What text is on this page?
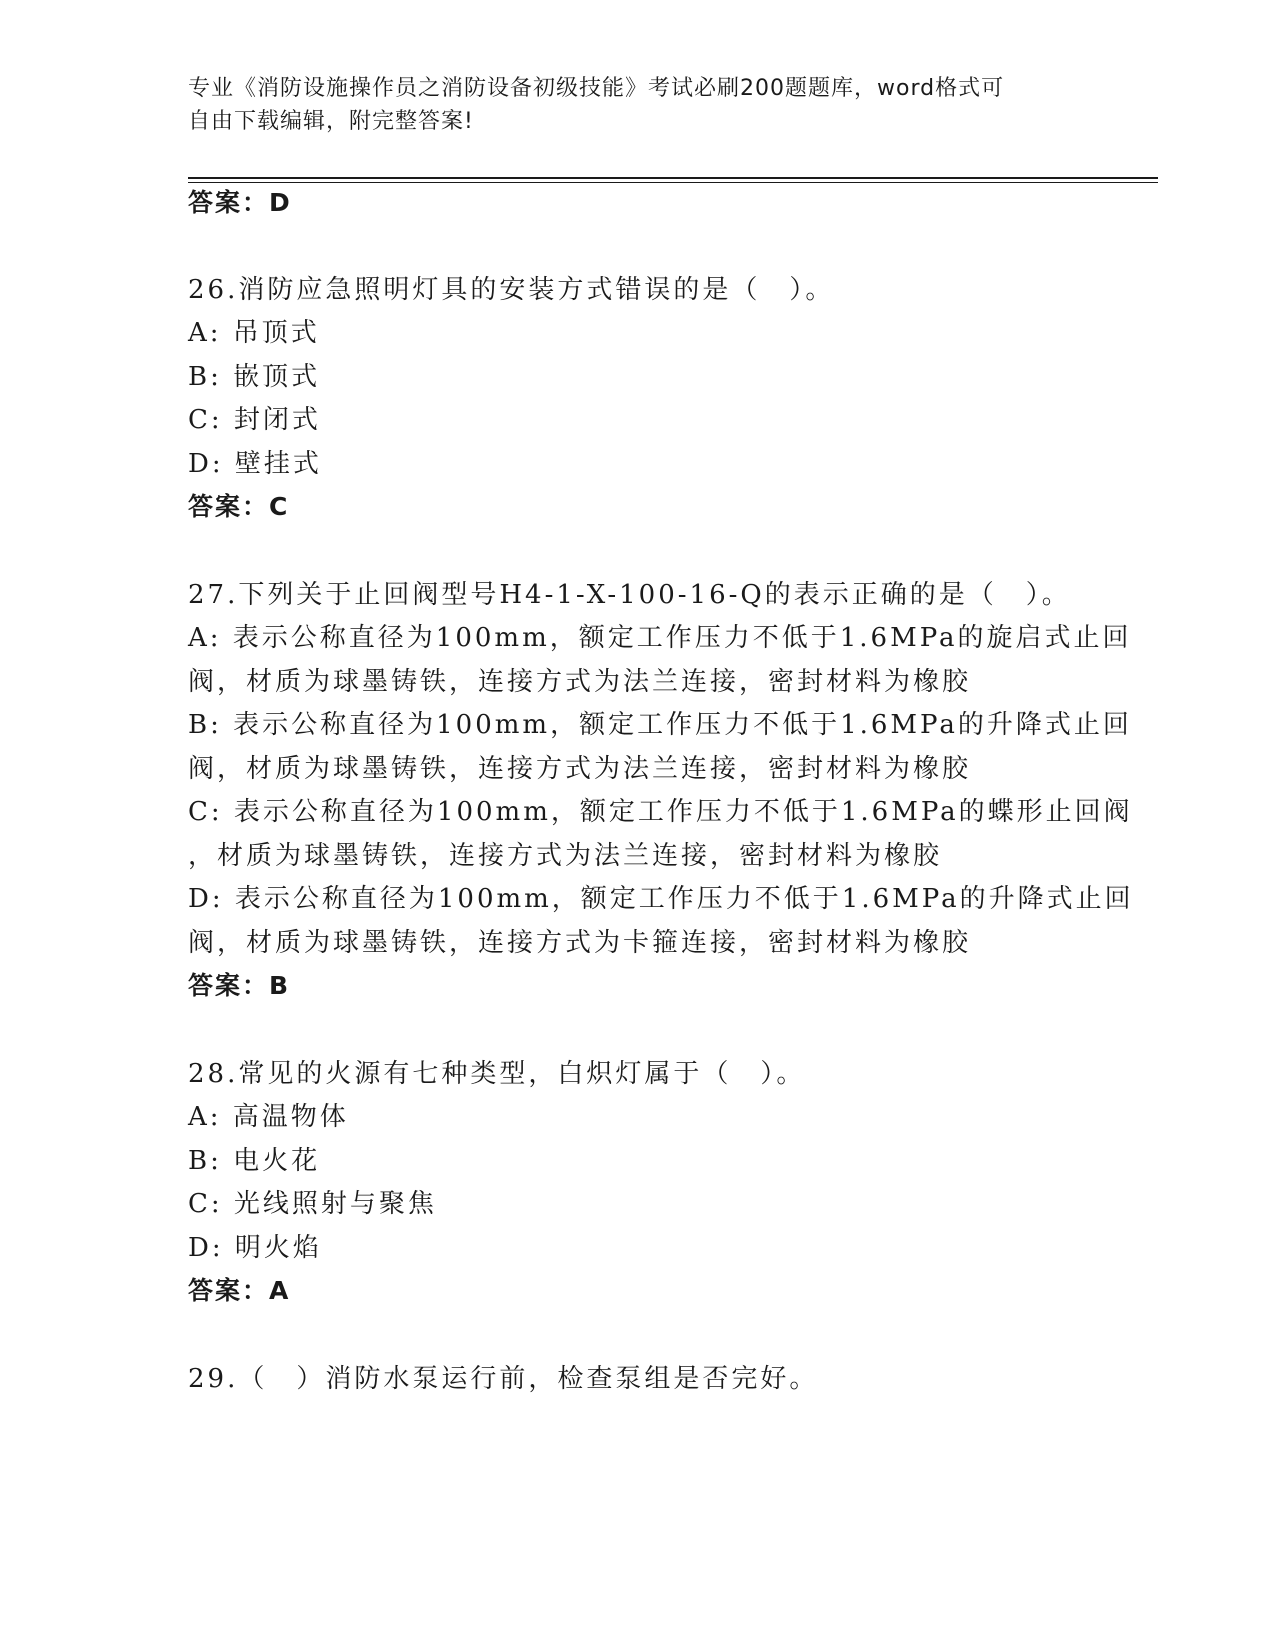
专业《消防设施操作员之消防设备初级技能》考试必刷200题题库，word格式可
自由下载编辑，附完整答案!
答案：D
26.消防应急照明灯具的安装方式错误的是（　）。
A: 吊顶式
B: 嵌顶式
C: 封闭式
D: 壁挂式
答案：C
27.下列关于止回阀型号H4-1-X-100-16-Q的表示正确的是（　）。
A: 表示公称直径为100mm，额定工作压力不低于1.6MPa的旋启式止回
阀，材质为球墨铸铁，连接方式为法兰连接，密封材料为橡胶
B: 表示公称直径为100mm，额定工作压力不低于1.6MPa的升降式止回
阀，材质为球墨铸铁，连接方式为法兰连接，密封材料为橡胶
C: 表示公称直径为100mm，额定工作压力不低于1.6MPa的蝶形止回阀
，材质为球墨铸铁，连接方式为法兰连接，密封材料为橡胶
D: 表示公称直径为100mm，额定工作压力不低于1.6MPa的升降式止回
阀，材质为球墨铸铁，连接方式为卡箍连接，密封材料为橡胶
答案：B
28.常见的火源有七种类型，白炽灯属于（　）。
A: 高温物体
B: 电火花
C: 光线照射与聚焦
D: 明火焰
答案：A
29.（　）消防水泵运行前，检查泵组是否完好。
